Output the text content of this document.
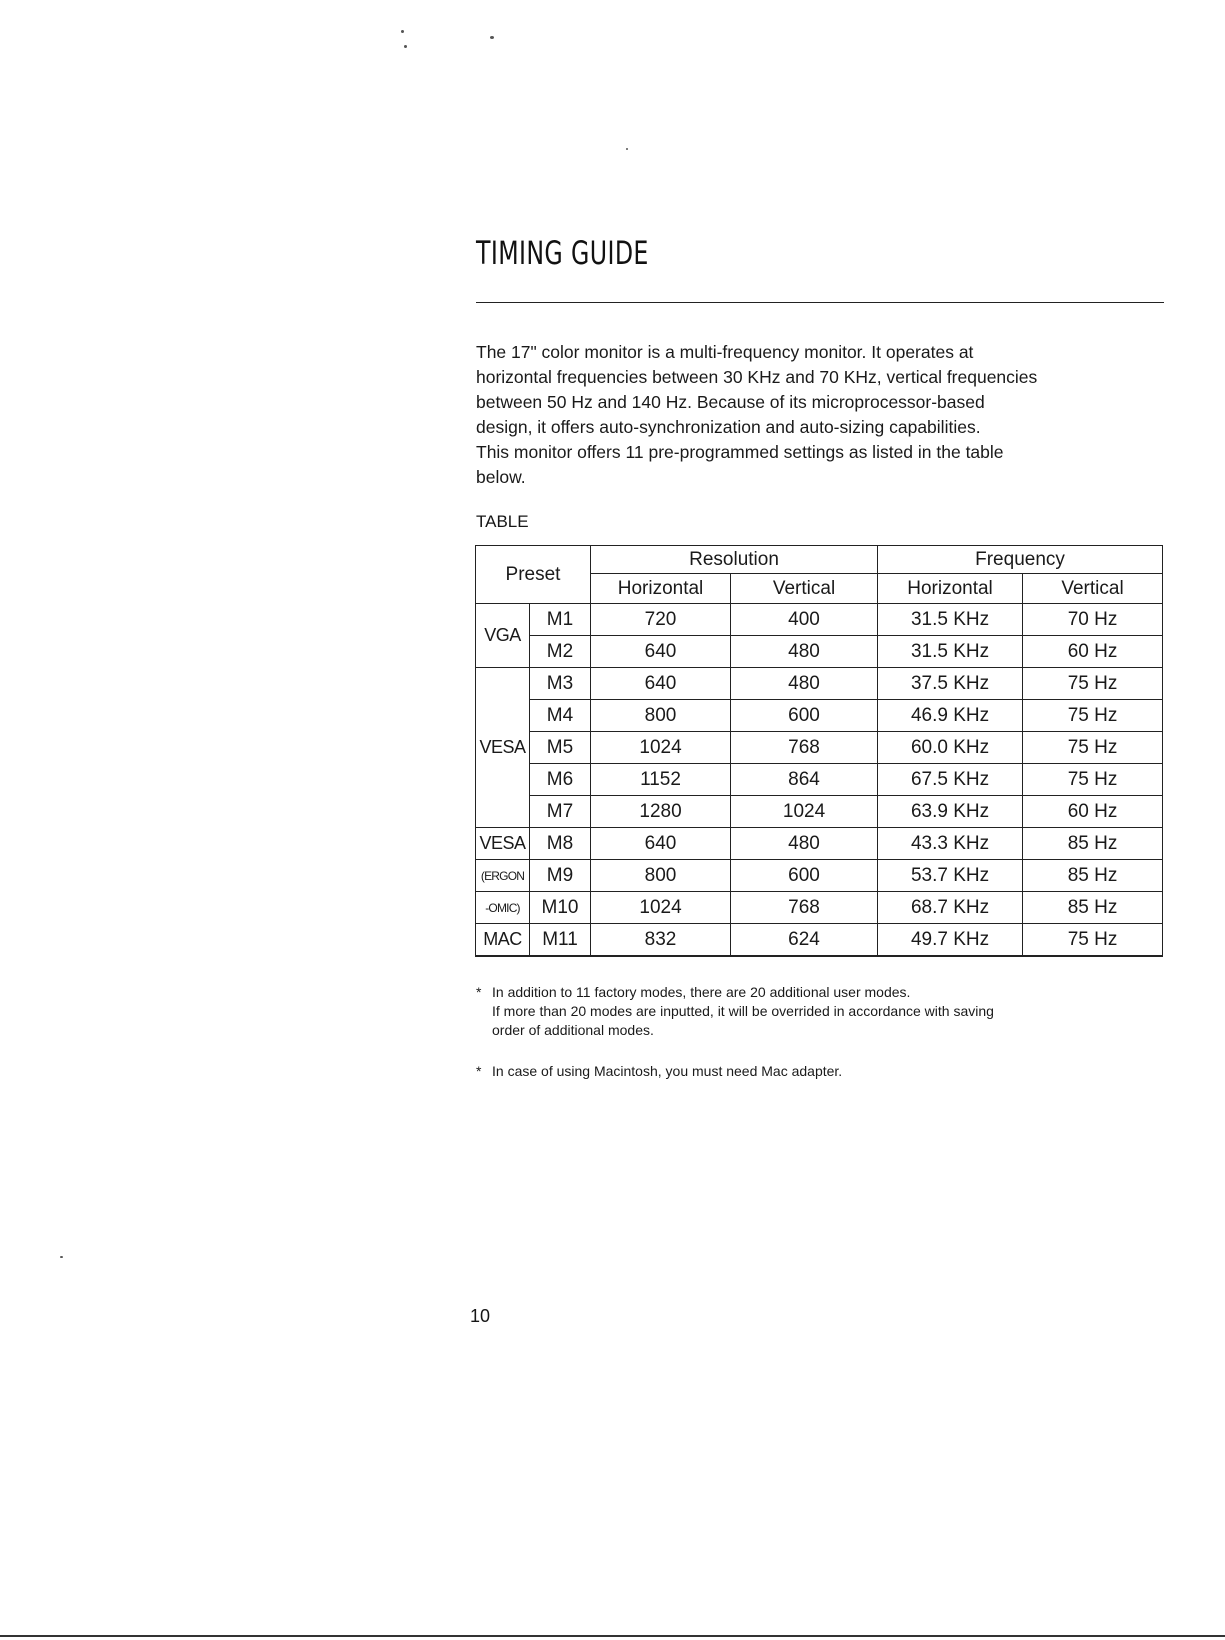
TIMING GUIDE

The 17" color monitor is a multi-frequency monitor. It operates at

horizontal frequencies between 30 KHz and 70 KHz, vertical frequencies

between 50 Hz and 140 Hz. Because of its microprocessor-based

design, it offers auto-synchronization and auto-sizing capabilities.

This monitor offers 11 pre-programmed settings as listed in the table

below.

TABLE

Preset		Resolution		Frequency	
		Horizontal	Vertical	Horizontal	Vertical
VGA	M1	720	400	31.5 KHz	70 Hz
	M2	640	480	31.5 KHz	60 Hz
VESA	M3	640	480	37.5 KHz	75 Hz
	M4	800	600	46.9 KHz	75 Hz
	M5	1024	768	60.0 KHz	75 Hz
	M6	1152	864	67.5 KHz	75 Hz
	M7	1280	1024	63.9 KHz	60 Hz
VESA	M8	640	480	43.3 KHz	85 Hz
(ERGON	M9	800	600	53.7 KHz	85 Hz
-OMIC)	M10	1024	768	68.7 KHz	85 Hz
MAC	M11	832	624	49.7 KHz	75 Hz
* In addition to 11 factory modes, there are 20 additional user modes.

If more than 20 modes are inputted, it will be overrided in accordance with saving

order of additional modes.

* In case of using Macintosh, you must need Mac adapter.

10
